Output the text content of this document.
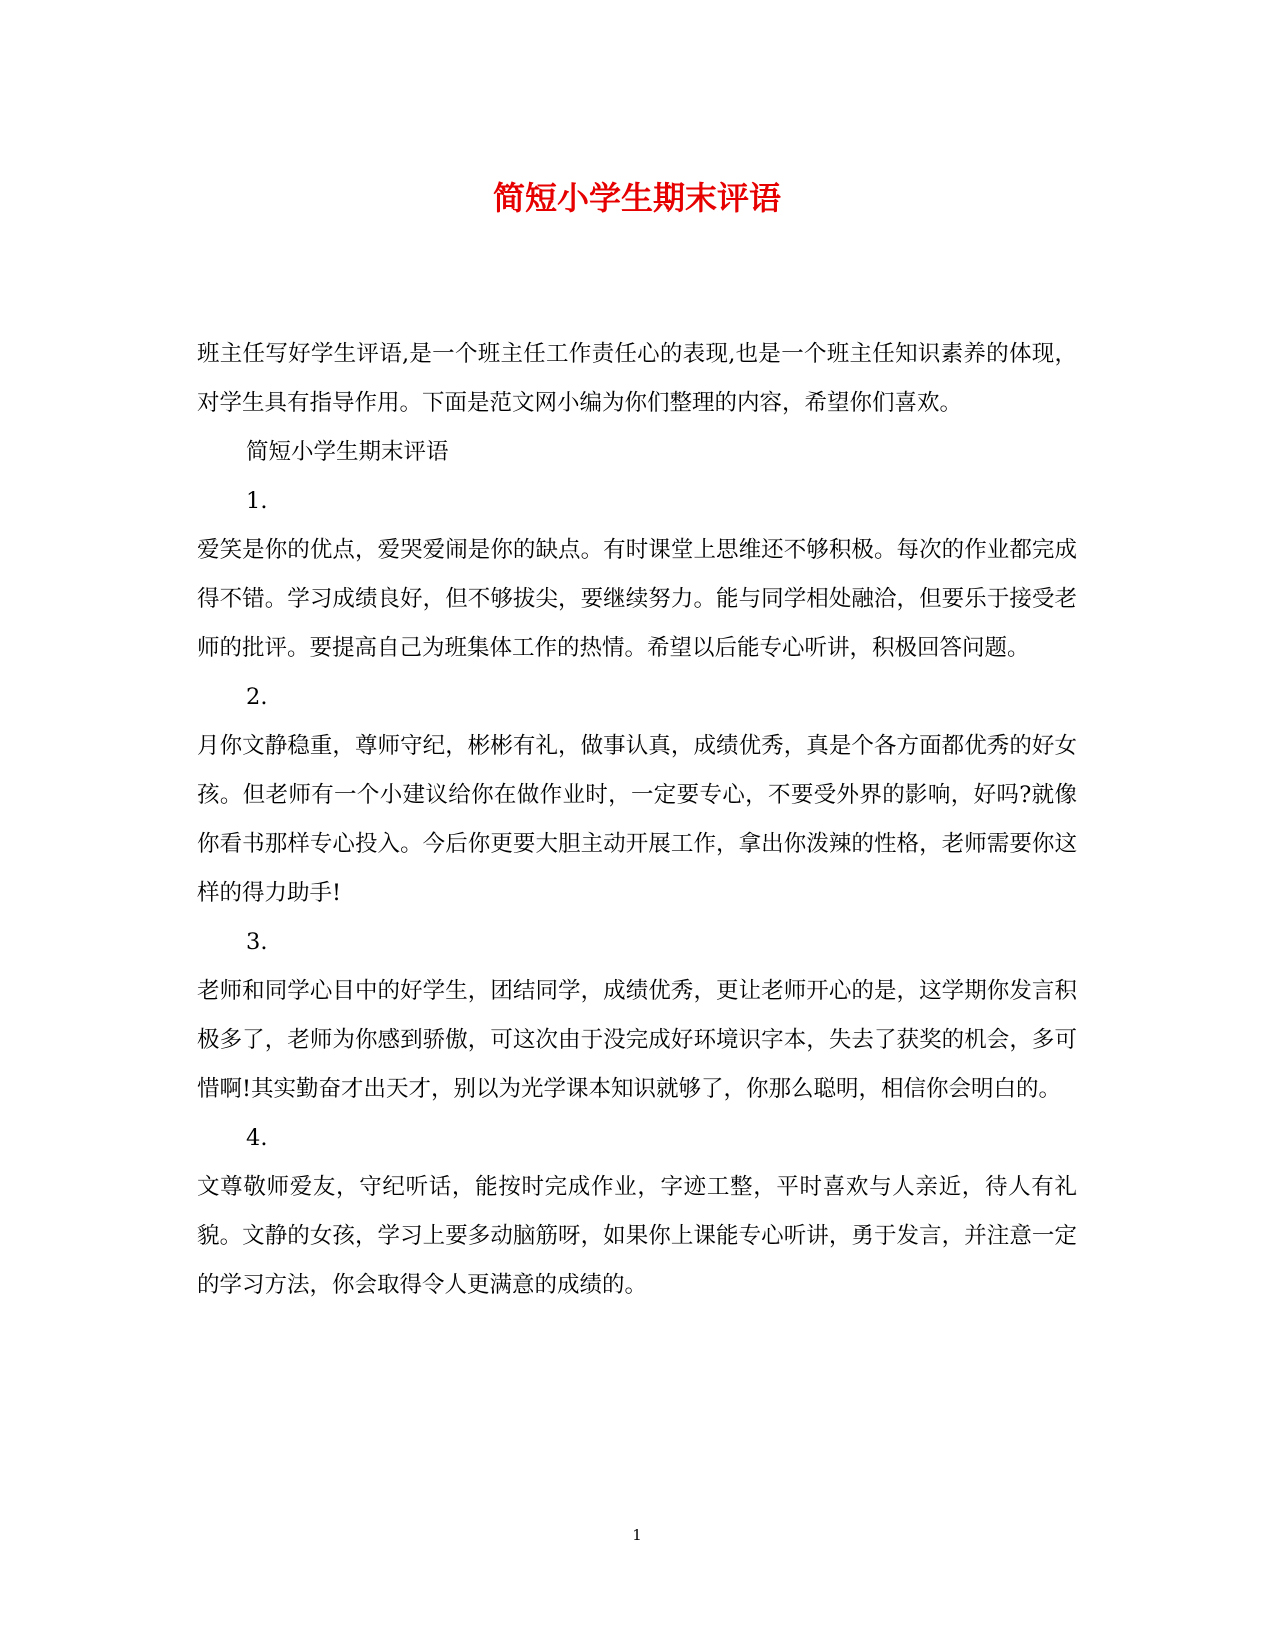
简短小学生期末评语

班主任写好学生评语,是一个班主任工作责任心的表现,也是一个班主任知识素养的体现，对学生具有指导作用。下面是范文网小编为你们整理的内容，希望你们喜欢。

简短小学生期末评语

1.

爱笑是你的优点，爱哭爱闹是你的缺点。有时课堂上思维还不够积极。每次的作业都完成得不错。学习成绩良好，但不够拔尖，要继续努力。能与同学相处融洽，但要乐于接受老师的批评。要提高自己为班集体工作的热情。希望以后能专心听讲，积极回答问题。

2.

月你文静稳重，尊师守纪，彬彬有礼，做事认真，成绩优秀，真是个各方面都优秀的好女孩。但老师有一个小建议给你在做作业时，一定要专心，不要受外界的影响，好吗?就像你看书那样专心投入。今后你更要大胆主动开展工作，拿出你泼辣的性格，老师需要你这样的得力助手!

3.

老师和同学心目中的好学生，团结同学，成绩优秀，更让老师开心的是，这学期你发言积极多了，老师为你感到骄傲，可这次由于没完成好环境识字本，失去了获奖的机会，多可惜啊!其实勤奋才出天才，别以为光学课本知识就够了，你那么聪明，相信你会明白的。

4.

文尊敬师爱友，守纪听话，能按时完成作业，字迹工整，平时喜欢与人亲近，待人有礼貌。文静的女孩，学习上要多动脑筋呀，如果你上课能专心听讲，勇于发言，并注意一定的学习方法，你会取得令人更满意的成绩的。

1
